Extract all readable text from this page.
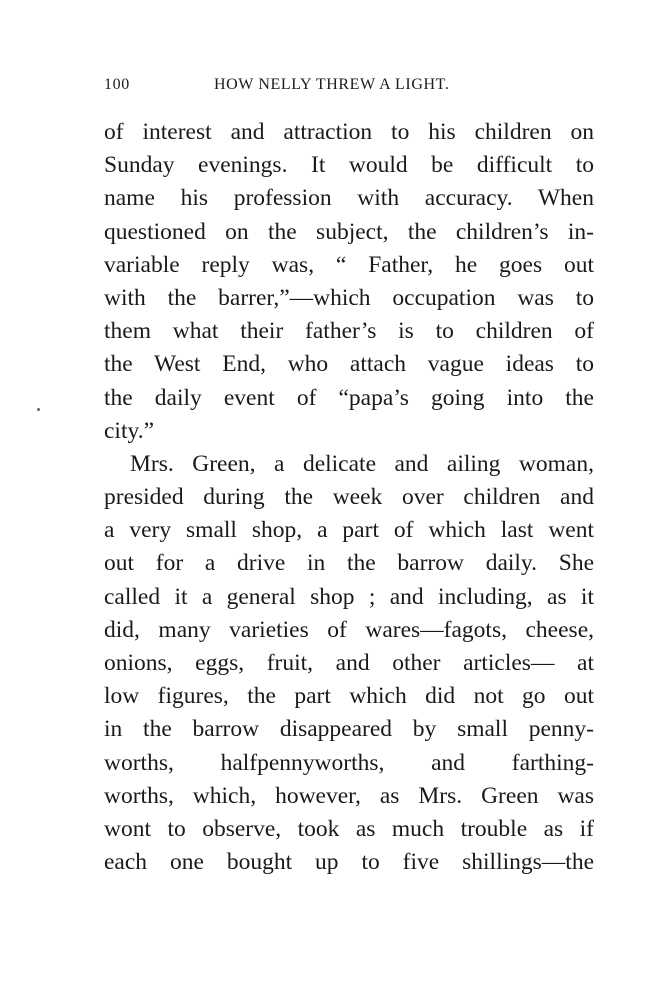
100	HOW NELLY THREW A LIGHT.
of interest and attraction to his children on
Sunday evenings. It would be difficult to
name his profession with accuracy. When
questioned on the subject, the children’s in-
variable reply was, “ Father, he goes out
with the barrer,”—which occupation was to
them what their father’s is to children of
the West End, who attach vague ideas to
the daily event of “papa’s going into the
city.”
Mrs. Green, a delicate and ailing woman,
presided during the week over children and
a very small shop, a part of which last went
out for a drive in the barrow daily. She
called it a general shop ; and including, as it
did, many varieties of wares—fagots, cheese,
onions, eggs, fruit, and other articles— at
low figures, the part which did not go out
in the barrow disappeared by small penny-
worths, halfpennyworths, and farthing-
worths, which, however, as Mrs. Green was
wont to observe, took as much trouble as if
each one bought up to five shillings—the
